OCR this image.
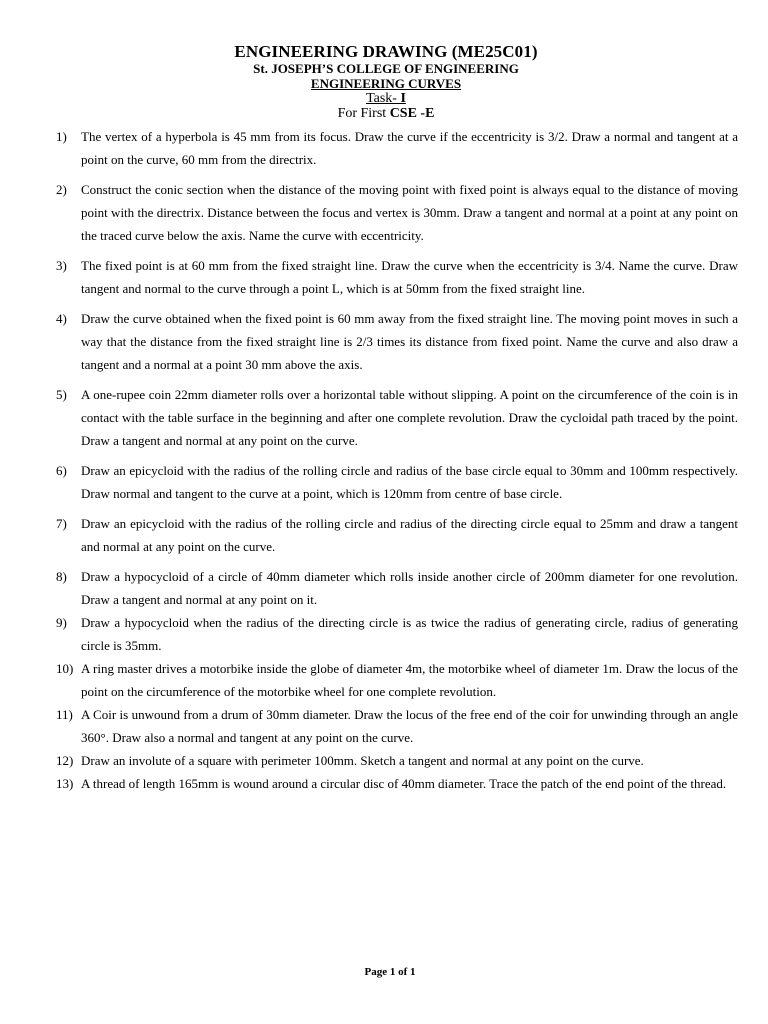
ENGINEERING DRAWING (ME25C01)
St. JOSEPH’S COLLEGE OF ENGINEERING
ENGINEERING CURVES
Task- I
For First CSE -E
1) The vertex of a hyperbola is 45 mm from its focus. Draw the curve if the eccentricity is 3/2. Draw a normal and tangent at a point on the curve, 60 mm from the directrix.
2) Construct the conic section when the distance of the moving point with fixed point is always equal to the distance of moving point with the directrix. Distance between the focus and vertex is 30mm. Draw a tangent and normal at a point at any point on the traced curve below the axis. Name the curve with eccentricity.
3) The fixed point is at 60 mm from the fixed straight line. Draw the curve when the eccentricity is 3/4. Name the curve. Draw tangent and normal to the curve through a point L, which is at 50mm from the fixed straight line.
4) Draw the curve obtained when the fixed point is 60 mm away from the fixed straight line. The moving point moves in such a way that the distance from the fixed straight line is 2/3 times its distance from fixed point. Name the curve and also draw a tangent and a normal at a point 30 mm above the axis.
5) A one-rupee coin 22mm diameter rolls over a horizontal table without slipping. A point on the circumference of the coin is in contact with the table surface in the beginning and after one complete revolution. Draw the cycloidal path traced by the point. Draw a tangent and normal at any point on the curve.
6) Draw an epicycloid with the radius of the rolling circle and radius of the base circle equal to 30mm and 100mm respectively. Draw normal and tangent to the curve at a point, which is 120mm from centre of base circle.
7) Draw an epicycloid with the radius of the rolling circle and radius of the directing circle equal to 25mm and draw a tangent and normal at any point on the curve.
8) Draw a hypocycloid of a circle of 40mm diameter which rolls inside another circle of 200mm diameter for one revolution. Draw a tangent and normal at any point on it.
9) Draw a hypocycloid when the radius of the directing circle is as twice the radius of generating circle, radius of generating circle is 35mm.
10) A ring master drives a motorbike inside the globe of diameter 4m, the motorbike wheel of diameter 1m. Draw the locus of the point on the circumference of the motorbike wheel for one complete revolution.
11) A Coir is unwound from a drum of 30mm diameter. Draw the locus of the free end of the coir for unwinding through an angle 360°. Draw also a normal and tangent at any point on the curve.
12) Draw an involute of a square with perimeter 100mm. Sketch a tangent and normal at any point on the curve.
13) A thread of length 165mm is wound around a circular disc of 40mm diameter. Trace the patch of the end point of the thread.
Page 1 of 1
